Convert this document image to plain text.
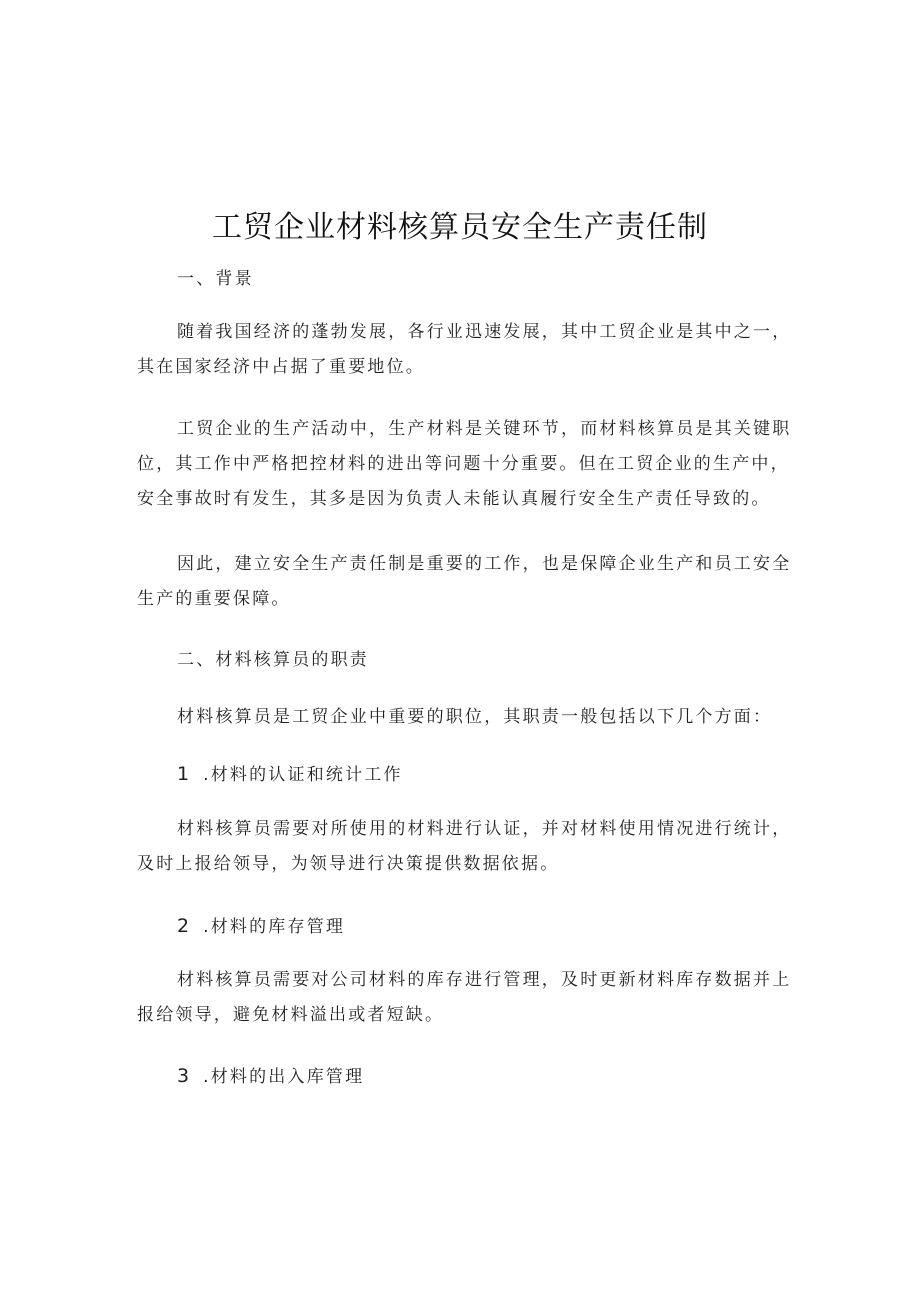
工贸企业材料核算员安全生产责任制

一、背景

随着我国经济的蓬勃发展，各行业迅速发展，其中工贸企业是其中之一，其在国家经济中占据了重要地位。

工贸企业的生产活动中，生产材料是关键环节，而材料核算员是其关键职位，其工作中严格把控材料的进出等问题十分重要。但在工贸企业的生产中，安全事故时有发生，其多是因为负责人未能认真履行安全生产责任导致的。

因此，建立安全生产责任制是重要的工作，也是保障企业生产和员工安全生产的重要保障。

二、材料核算员的职责

材料核算员是工贸企业中重要的职位，其职责一般包括以下几个方面：

1 .材料的认证和统计工作

材料核算员需要对所使用的材料进行认证，并对材料使用情况进行统计，及时上报给领导，为领导进行决策提供数据依据。

2 .材料的库存管理

材料核算员需要对公司材料的库存进行管理，及时更新材料库存数据并上报给领导，避免材料溢出或者短缺。

3 .材料的出入库管理
